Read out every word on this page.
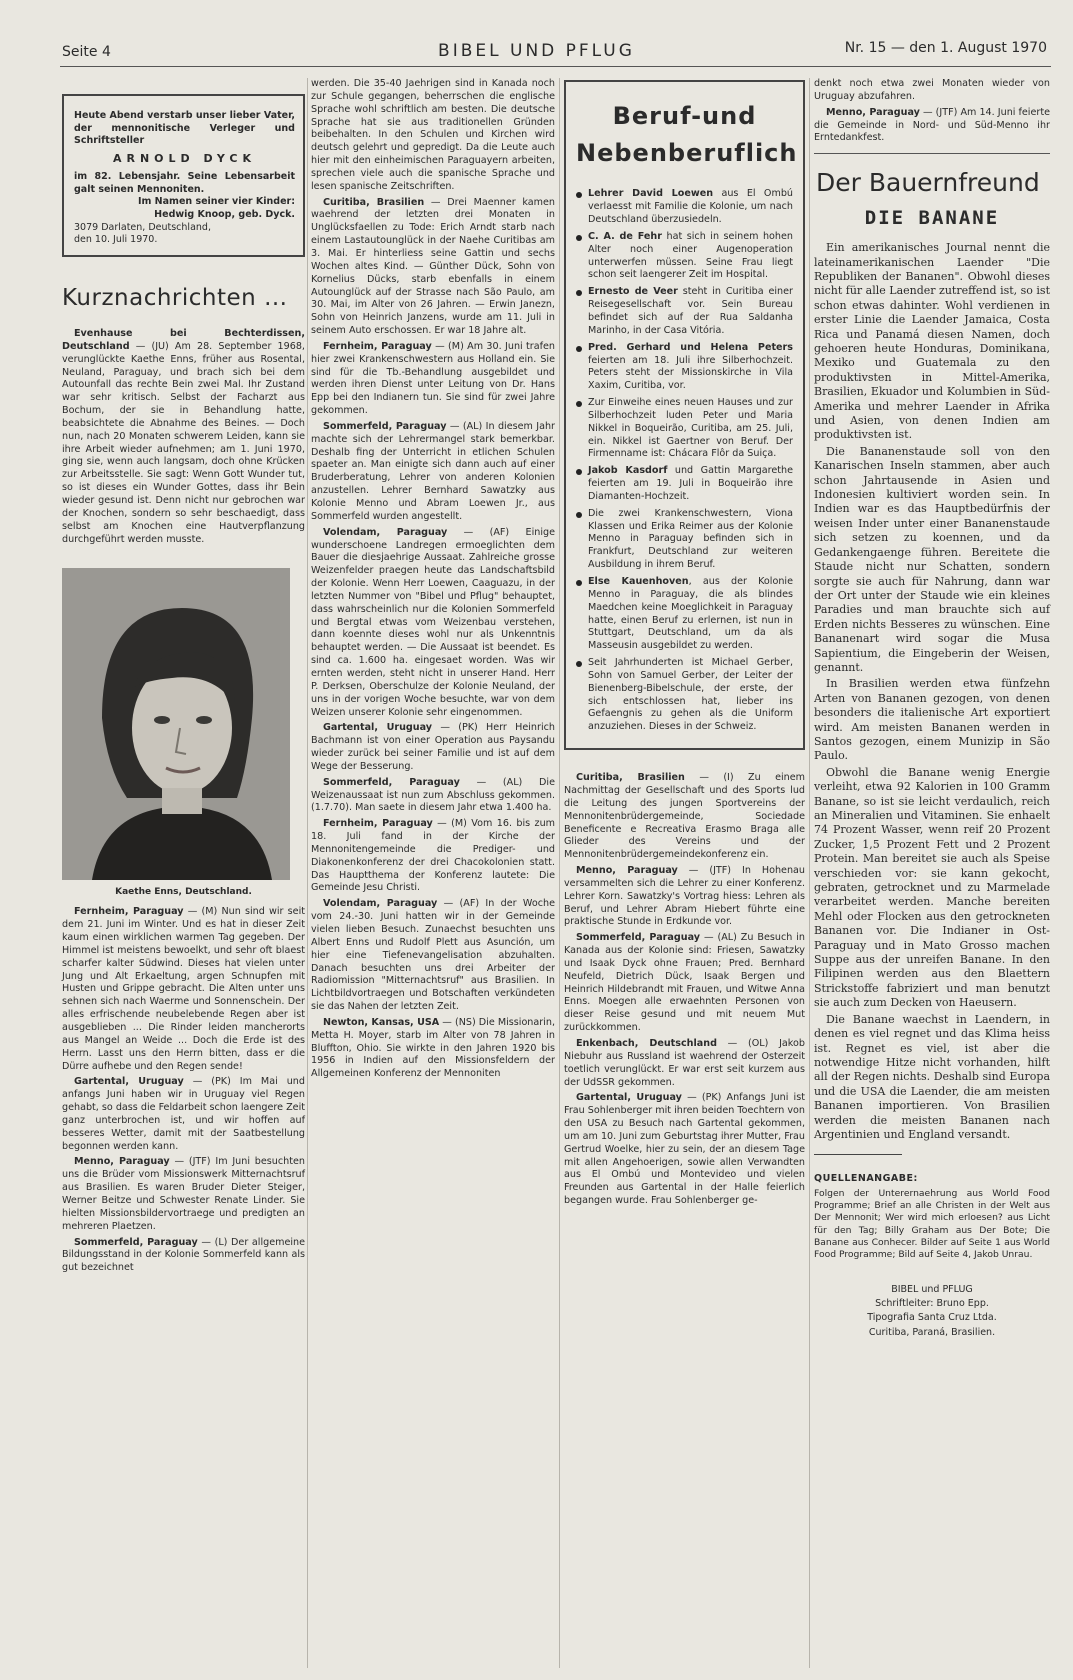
Seite 4	BIBEL UND PFLUG	Nr. 15 — den 1. August 1970
Heute Abend verstarb unser lieber Vater, der mennonitische Verleger und Schriftsteller
ARNOLD DYCK
im 82. Lebensjahr. Seine Lebensarbeit galt seinen Mennoniten.
Im Namen seiner vier Kinder:
Hedwig Knoop, geb. Dyck.
3079 Darlaten, Deutschland,
den 10. Juli 1970.
Kurznachrichten ...

Evenhause bei Bechterdissen, Deutschland — (JU) Am 28. September 1968, verunglückte Kaethe Enns, früher aus Rosental, Neuland, Paraguay, und brach sich bei dem Autounfall das rechte Bein zwei Mal. Ihr Zustand war sehr kritisch. Selbst der Facharzt aus Bochum, der sie in Behandlung hatte, beabsichtete die Abnahme des Beines. — Doch nun, nach 20 Monaten schwerem Leiden, kann sie ihre Arbeit wieder aufnehmen; am 1. Juni 1970, ging sie, wenn auch langsam, doch ohne Krücken zur Arbeitsstelle. Sie sagt: Wenn Gott Wunder tut, so ist dieses ein Wunder Gottes, dass ihr Bein wieder gesund ist. Denn nicht nur gebrochen war der Knochen, sondern so sehr beschaedigt, dass selbst am Knochen eine Hautverpflanzung durchgeführt werden musste.

Kaethe Enns, Deutschland.

Fernheim, Paraguay — (M) Nun sind wir seit dem 21. Juni im Winter. Und es hat in dieser Zeit kaum einen wirklichen warmen Tag gegeben. Der Himmel ist meistens bewoelkt, und sehr oft blaest scharfer kalter Südwind. Dieses hat vielen unter Jung und Alt Erkaeltung, argen Schnupfen mit Husten und Grippe gebracht. Die Alten unter uns sehnen sich nach Waerme und Sonnenschein. Der alles erfrischende neubelebende Regen aber ist ausgeblieben ... Die Rinder leiden mancherorts aus Mangel an Weide ... Doch die Erde ist des Herrn. Lasst uns den Herrn bitten, dass er die Dürre aufhebe und den Regen sende!

Gartental, Uruguay — (PK) Im Mai und anfangs Juni haben wir in Uruguay viel Regen gehabt, so dass die Feldarbeit schon laengere Zeit ganz unterbrochen ist, und wir hoffen auf besseres Wetter, damit mit der Saatbestellung begonnen werden kann.

Menno, Paraguay — (JTF) Im Juni besuchten uns die Brüder vom Missionswerk Mitternachtsruf aus Brasilien. Es waren Bruder Dieter Steiger, Werner Beitze und Schwester Renate Linder. Sie hielten Missionsbildervortraege und predigten an mehreren Plaetzen.

Sommerfeld, Paraguay — (L) Der allgemeine Bildungsstand in der Kolonie Sommerfeld kann als gut bezeichnet

werden. Die 35-40 Jaehrigen sind in Kanada noch zur Schule gegangen, beherrschen die englische Sprache wohl schriftlich am besten. Die deutsche Sprache hat sie aus traditionellen Gründen beibehalten. In den Schulen und Kirchen wird deutsch gelehrt und gepredigt. Da die Leute auch hier mit den einheimischen Paraguayern arbeiten, sprechen viele auch die spanische Sprache und lesen spanische Zeitschriften.

Curitiba, Brasilien — Drei Maenner kamen waehrend der letzten drei Monaten in Unglücksfaellen zu Tode: Erich Arndt starb nach einem Lastautounglück in der Naehe Curitibas am 3. Mai. Er hinterliess seine Gattin und sechs Wochen altes Kind. — Günther Dück, Sohn von Kornelius Dücks, starb ebenfalls in einem Autounglück auf der Strasse nach São Paulo, am 30. Mai, im Alter von 26 Jahren. — Erwin Janezn, Sohn von Heinrich Janzens, wurde am 11. Juli in seinem Auto erschossen. Er war 18 Jahre alt.

Fernheim, Paraguay — (M) Am 30. Juni trafen hier zwei Krankenschwestern aus Holland ein. Sie sind für die Tb.-Behandlung ausgebildet und werden ihren Dienst unter Leitung von Dr. Hans Epp bei den Indianern tun. Sie sind für zwei Jahre gekommen.

Sommerfeld, Paraguay — (AL) In diesem Jahr machte sich der Lehrermangel stark bemerkbar. Deshalb fing der Unterricht in etlichen Schulen spaeter an. Man einigte sich dann auch auf einer Bruderberatung, Lehrer von anderen Kolonien anzustellen. Lehrer Bernhard Sawatzky aus Kolonie Menno und Abram Loewen Jr., aus Sommerfeld wurden angestellt.

Volendam, Paraguay — (AF) Einige wunderschoene Landregen ermoeglichten dem Bauer die diesjaehrige Aussaat. Zahlreiche grosse Weizenfelder praegen heute das Landschaftsbild der Kolonie. Wenn Herr Loewen, Caaguazu, in der letzten Nummer von "Bibel und Pflug" behauptet, dass wahrscheinlich nur die Kolonien Sommerfeld und Bergtal etwas vom Weizenbau verstehen, dann koennte dieses wohl nur als Unkenntnis behauptet werden. — Die Aussaat ist beendet. Es sind ca. 1.600 ha. eingesaet worden. Was wir ernten werden, steht nicht in unserer Hand. Herr P. Derksen, Oberschulze der Kolonie Neuland, der uns in der vorigen Woche besuchte, war von dem Weizen unserer Kolonie sehr eingenommen.

Gartental, Uruguay — (PK) Herr Heinrich Bachmann ist von einer Operation aus Paysandu wieder zurück bei seiner Familie und ist auf dem Wege der Besserung.

Sommerfeld, Paraguay — (AL) Die Weizenaussaat ist nun zum Abschluss gekommen. (1.7.70). Man saete in diesem Jahr etwa 1.400 ha.

Fernheim, Paraguay — (M) Vom 16. bis zum 18. Juli fand in der Kirche der Mennonitengemeinde die Prediger- und Diakonenkonferenz der drei Chacokolonien statt. Das Hauptthema der Konferenz lautete: Die Gemeinde Jesu Christi.

Volendam, Paraguay — (AF) In der Woche vom 24.-30. Juni hatten wir in der Gemeinde vielen lieben Besuch. Zunaechst besuchten uns Albert Enns und Rudolf Plett aus Asunción, um hier eine Tiefenevangelisation abzuhalten. Danach besuchten uns drei Arbeiter der Radiomission "Mitternachtsruf" aus Brasilien. In Lichtbildvortraegen und Botschaften verkündeten sie das Nahen der letzten Zeit.

Newton, Kansas, USA — (NS) Die Missionarin, Metta H. Moyer, starb im Alter von 78 Jahren in Bluffton, Ohio. Sie wirkte in den Jahren 1920 bis 1956 in Indien auf den Missionsfeldern der Allgemeinen Konferenz der Mennoniten

Beruf-und
Nebenberuflich
Lehrer David Loewen aus El Ombú verlaesst mit Familie die Kolonie, um nach Deutschland überzusiedeln.
C. A. de Fehr hat sich in seinem hohen Alter noch einer Augenoperation unterwerfen müssen. Seine Frau liegt schon seit laengerer Zeit im Hospital.
Ernesto de Veer steht in Curitiba einer Reisegesellschaft vor. Sein Bureau befindet sich auf der Rua Saldanha Marinho, in der Casa Vitória.
Pred. Gerhard und Helena Peters feierten am 18. Juli ihre Silberhochzeit. Peters steht der Missionskirche in Vila Xaxim, Curitiba, vor.
Zur Einweihe eines neuen Hauses und zur Silberhochzeit luden Peter und Maria Nikkel in Boqueirão, Curitiba, am 25. Juli, ein. Nikkel ist Gaertner von Beruf. Der Firmenname ist: Chácara Flôr da Suiça.
Jakob Kasdorf und Gattin Margarethe feierten am 19. Juli in Boqueirão ihre Diamanten-Hochzeit.
Die zwei Krankenschwestern, Viona Klassen und Erika Reimer aus der Kolonie Menno in Paraguay befinden sich in Frankfurt, Deutschland zur weiteren Ausbildung in ihrem Beruf.
Else Kauenhoven, aus der Kolonie Menno in Paraguay, die als blindes Maedchen keine Moeglichkeit in Paraguay hatte, einen Beruf zu erlernen, ist nun in Stuttgart, Deutschland, um da als Masseusin ausgebildet zu werden.
Seit Jahrhunderten ist Michael Gerber, Sohn von Samuel Gerber, der Leiter der Bienenberg-Bibelschule, der erste, der sich entschlossen hat, lieber ins Gefaengnis zu gehen als die Uniform anzuziehen. Dieses in der Schweiz.

Curitiba, Brasilien — (I) Zu einem Nachmittag der Gesellschaft und des Sports lud die Leitung des jungen Sportvereins der Mennonitenbrüdergemeinde, Sociedade Beneficente e Recreativa Erasmo Braga alle Glieder des Vereins und der Mennonitenbrüdergemeindekonferenz ein.

Menno, Paraguay — (JTF) In Hohenau versammelten sich die Lehrer zu einer Konferenz. Lehrer Korn. Sawatzky's Vortrag hiess: Lehren als Beruf, und Lehrer Abram Hiebert führte eine praktische Stunde in Erdkunde vor.

Sommerfeld, Paraguay — (AL) Zu Besuch in Kanada aus der Kolonie sind: Friesen, Sawatzky und Isaak Dyck ohne Frauen; Pred. Bernhard Neufeld, Dietrich Dück, Isaak Bergen und Heinrich Hildebrandt mit Frauen, und Witwe Anna Enns. Moegen alle erwaehnten Personen von dieser Reise gesund und mit neuem Mut zurückkommen.

Enkenbach, Deutschland — (OL) Jakob Niebuhr aus Russland ist waehrend der Osterzeit toetlich verunglückt. Er war erst seit kurzem aus der UdSSR gekommen.

Gartental, Uruguay — (PK) Anfangs Juni ist Frau Sohlenberger mit ihren beiden Toechtern von den USA zu Besuch nach Gartental gekommen, um am 10. Juni zum Geburtstag ihrer Mutter, Frau Gertrud Woelke, hier zu sein, der an diesem Tage mit allen Angehoerigen, sowie allen Verwandten aus El Ombú und Montevideo und vielen Freunden aus Gartental in der Halle feierlich begangen wurde. Frau Sohlenberger ge-

denkt noch etwa zwei Monaten wieder von Uruguay abzufahren.

Menno, Paraguay — (JTF) Am 14. Juni feierte die Gemeinde in Nord- und Süd-Menno ihr Erntedankfest.

Der Bauernfreund
DIE BANANE

Ein amerikanisches Journal nennt die lateinamerikanischen Laender "Die Republiken der Bananen". Obwohl dieses nicht für alle Laender zutreffend ist, so ist schon etwas dahinter. Wohl verdienen in erster Linie die Laender Jamaica, Costa Rica und Panamá diesen Namen, doch gehoeren heute Honduras, Dominikana, Mexiko und Guatemala zu den produktivsten in Mittel-Amerika, Brasilien, Ekuador und Kolumbien in Süd-Amerika und mehrer Laender in Afrika und Asien, von denen Indien am produktivsten ist.

Die Bananenstaude soll von den Kanarischen Inseln stammen, aber auch schon Jahrtausende in Asien und Indonesien kultiviert worden sein. In Indien war es das Hauptbedürfnis der weisen Inder unter einer Bananenstaude sich setzen zu koennen, und da Gedankengaenge führen. Bereitete die Staude nicht nur Schatten, sondern sorgte sie auch für Nahrung, dann war der Ort unter der Staude wie ein kleines Paradies und man brauchte sich auf Erden nichts Besseres zu wünschen. Eine Bananenart wird sogar die Musa Sapientium, die Eingeberin der Weisen, genannt.

In Brasilien werden etwa fünfzehn Arten von Bananen gezogen, von denen besonders die italienische Art exportiert wird. Am meisten Bananen werden in Santos gezogen, einem Munizip in São Paulo.

Obwohl die Banane wenig Energie verleiht, etwa 92 Kalorien in 100 Gramm Banane, so ist sie leicht verdaulich, reich an Mineralien und Vitaminen. Sie enhaelt 74 Prozent Wasser, wenn reif 20 Prozent Zucker, 1,5 Prozent Fett und 2 Prozent Protein. Man bereitet sie auch als Speise verschieden vor: sie kann gekocht, gebraten, getrocknet und zu Marmelade verarbeitet werden. Manche bereiten Mehl oder Flocken aus den getrockneten Bananen vor. Die Indianer in Ost-Paraguay und in Mato Grosso machen Suppe aus der unreifen Banane. In den Filipinen werden aus den Blaettern Strickstoffe fabriziert und man benutzt sie auch zum Decken von Haeusern.

Die Banane waechst in Laendern, in denen es viel regnet und das Klima heiss ist. Regnet es viel, ist aber die notwendige Hitze nicht vorhanden, hilft all der Regen nichts. Deshalb sind Europa und die USA die Laender, die am meisten Bananen importieren. Von Brasilien werden die meisten Bananen nach Argentinien und England versandt.

QUELLENANGABE:
Folgen der Unterernaehrung aus World Food Programme; Brief an alle Christen in der Welt aus Der Mennonit; Wer wird mich erloesen? aus Licht für den Tag; Billy Graham aus Der Bote; Die Banane aus Conhecer. Bilder auf Seite 1 aus World Food Programme; Bild auf Seite 4, Jakob Unrau.
BIBEL und PFLUG
Schriftleiter: Bruno Epp.
Tipografia Santa Cruz Ltda.
Curitiba, Paraná, Brasilien.
